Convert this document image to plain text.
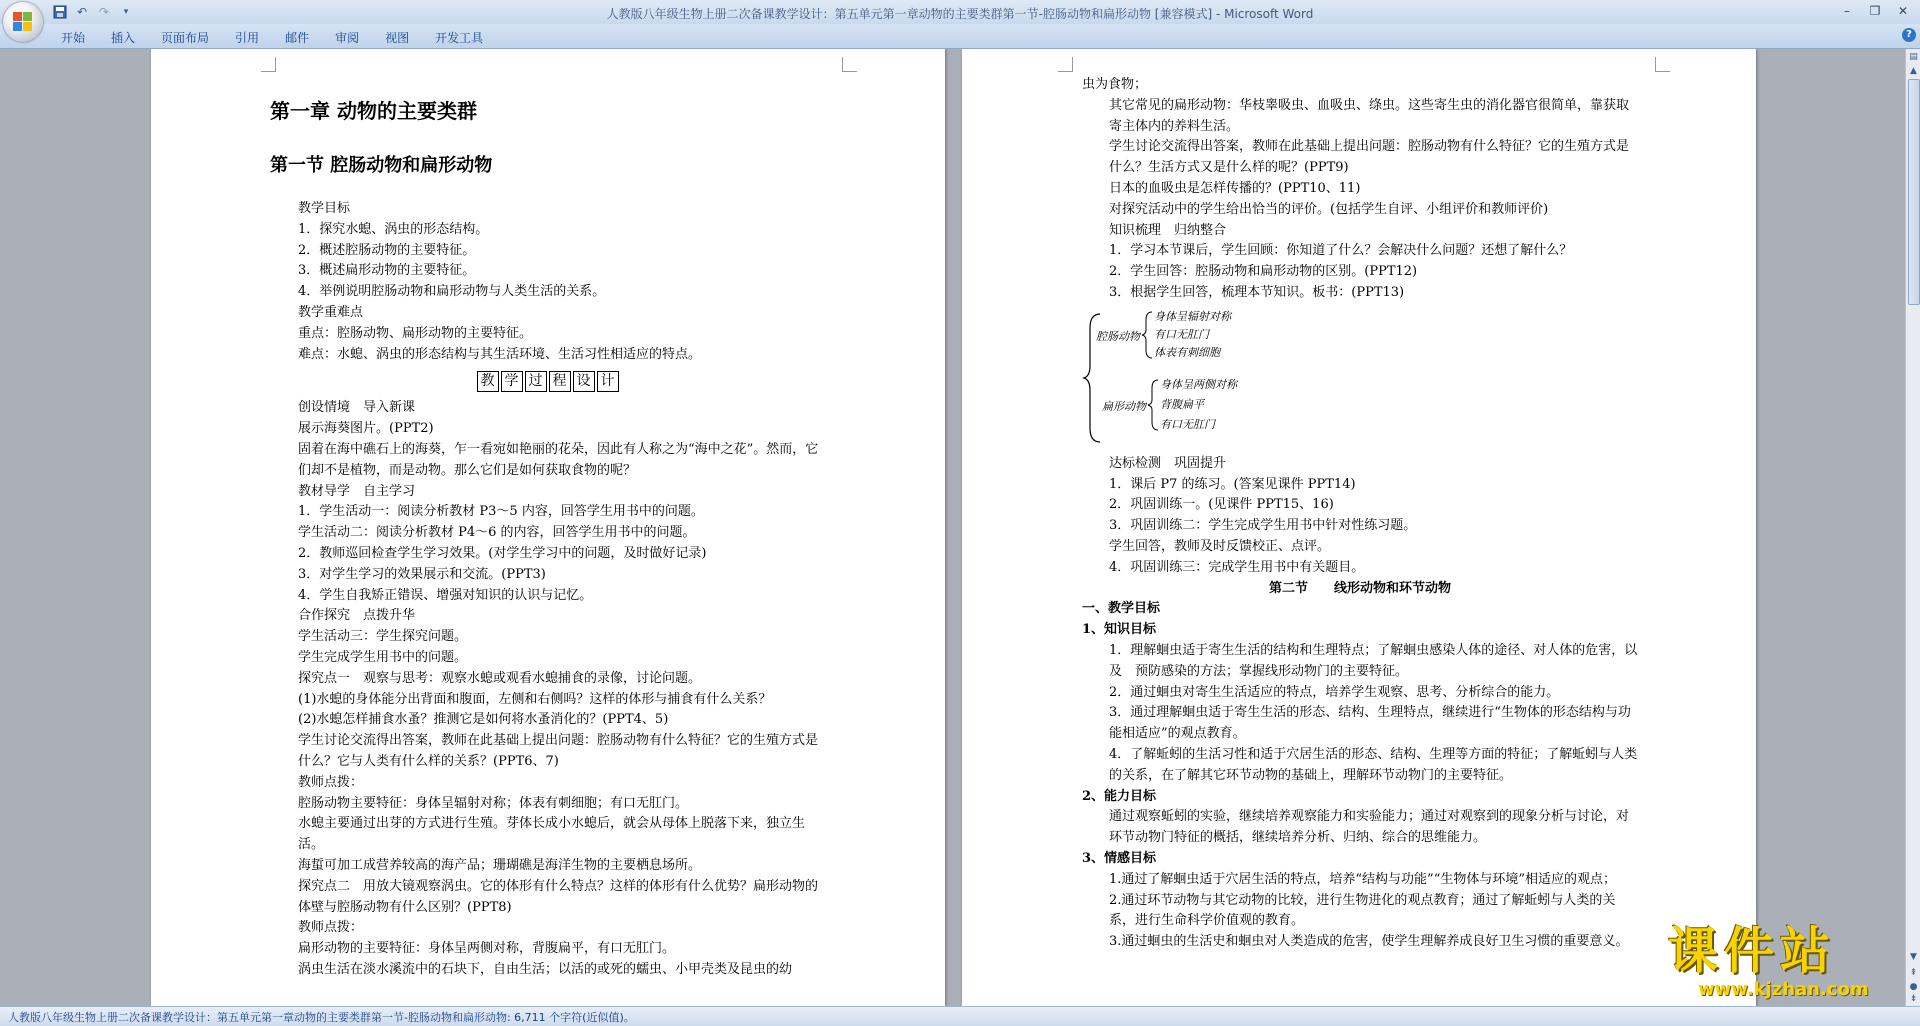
↶ ↷	▾	人教版八年级生物上册二次备课教学设计：第五单元第一章动物的主要类群第一节-腔肠动物和扁形动物 [兼容模式] - Microsoft Word	–	❐	✕
开始	插入	页面布局	引用	邮件	审阅	视图	开发工具	?
第一章 动物的主要类群
第一节 腔肠动物和扁形动物
教学目标
1．探究水螅、涡虫的形态结构。
2．概述腔肠动物的主要特征。
3．概述扁形动物的主要特征。
4．举例说明腔肠动物和扁形动物与人类生活的关系。
教学重难点
重点：腔肠动物、扁形动物的主要特征。
难点：水螅、涡虫的形态结构与其生活环境、生活习性相适应的特点。
教 学 过 程 设 计
创设情境　导入新课
展示海葵图片。(PPT2)
固着在海中礁石上的海葵，乍一看宛如艳丽的花朵，因此有人称之为“海中之花”。然而，它们却不是植物，而是动物。那么它们是如何获取食物的呢？
教材导学　自主学习
1．学生活动一：阅读分析教材 P3～5 内容，回答学生用书中的问题。
学生活动二：阅读分析教材 P4～6 的内容，回答学生用书中的问题。
2．教师巡回检查学生学习效果。(对学生学习中的问题，及时做好记录)
3．对学生学习的效果展示和交流。(PPT3)
4．学生自我矫正错误、增强对知识的认识与记忆。
合作探究　点拨升华
学生活动三：学生探究问题。
学生完成学生用书中的问题。
探究点一　观察与思考：观察水螅或观看水螅捕食的录像，讨论问题。
(1)水螅的身体能分出背面和腹面，左侧和右侧吗？这样的体形与捕食有什么关系？
(2)水螅怎样捕食水蚤？推测它是如何将水蚤消化的？(PPT4、5)
学生讨论交流得出答案，教师在此基础上提出问题：腔肠动物有什么特征？它的生殖方式是什么？它与人类有什么样的关系？(PPT6、7)
教师点拨：
腔肠动物主要特征：身体呈辐射对称；体表有刺细胞；有口无肛门。
水螅主要通过出芽的方式进行生殖。芽体长成小水螅后，就会从母体上脱落下来，独立生活。
海蜇可加工成营养较高的海产品；珊瑚礁是海洋生物的主要栖息场所。
探究点二　用放大镜观察涡虫。它的体形有什么特点？这样的体形有什么优势？扁形动物的体壁与腔肠动物有什么区别？(PPT8)
教师点拨：
扁形动物的主要特征：身体呈两侧对称，背腹扁平，有口无肛门。
涡虫生活在淡水溪流中的石块下，自由生活；以活的或死的蠕虫、小甲壳类及昆虫的幼
虫为食物；
其它常见的扁形动物：华枝睾吸虫、血吸虫、绦虫。这些寄生虫的消化器官很简单，靠获取寄主体内的养料生活。
学生讨论交流得出答案，教师在此基础上提出问题：腔肠动物有什么特征？它的生殖方式是什么？生活方式又是什么样的呢？(PPT9)
日本的血吸虫是怎样传播的？(PPT10、11)
对探究活动中的学生给出恰当的评价。(包括学生自评、小组评价和教师评价)
知识梳理　归纳整合
1．学习本节课后，学生回顾：你知道了什么？会解决什么问题？还想了解什么？
2．学生回答：腔肠动物和扁形动物的区别。(PPT12)
3．根据学生回答，梳理本节知识。板书：(PPT13)
腔肠动物
身体呈辐射对称
有口无肛门
体表有刺细胞
扁形动物
身体呈两侧对称
背腹扁平
有口无肛门
达标检测　巩固提升
1．课后 P7 的练习。(答案见课件 PPT14)
2．巩固训练一。(见课件 PPT15、16)
3．巩固训练二：学生完成学生用书中针对性练习题。
学生回答，教师及时反馈校正、点评。
4．巩固训练三：完成学生用书中有关题目。
第二节　　线形动物和环节动物
一、教学目标
1、知识目标
1．理解蛔虫适于寄生生活的结构和生理特点；了解蛔虫感染人体的途径、对人体的危害，以及　预防感染的方法；掌握线形动物门的主要特征。
2．通过蛔虫对寄生生活适应的特点，培养学生观察、思考、分析综合的能力。
3．通过理解蛔虫适于寄生生活的形态、结构、生理特点，继续进行“生物体的形态结构与功能相适应”的观点教育。
4．了解蚯蚓的生活习性和适于穴居生活的形态、结构、生理等方面的特征；了解蚯蚓与人类的关系，在了解其它环节动物的基础上，理解环节动物门的主要特征。
2、能力目标
通过观察蚯蚓的实验，继续培养观察能力和实验能力；通过对观察到的现象分析与讨论，对环节动物门特征的概括，继续培养分析、归纳、综合的思维能力。
3、情感目标
1.通过了解蛔虫适于穴居生活的特点，培养“结构与功能”“生物体与环境”相适应的观点；
2.通过环节动物与其它动物的比较，进行生物进化的观点教育；通过了解蚯蚓与人类的关系，进行生命科学价值观的教育。
3.通过蛔虫的生活史和蛔虫对人类造成的危害，使学生理解养成良好卫生习惯的重要意义。
▤
▲
▼
⇞
●
⇟
人教版八年级生物上册二次备课教学设计：第五单元第一章动物的主要类群第一节-腔肠动物和扁形动物: 6,711 个字符(近似值)。
课件站
www.kjzhan.com
